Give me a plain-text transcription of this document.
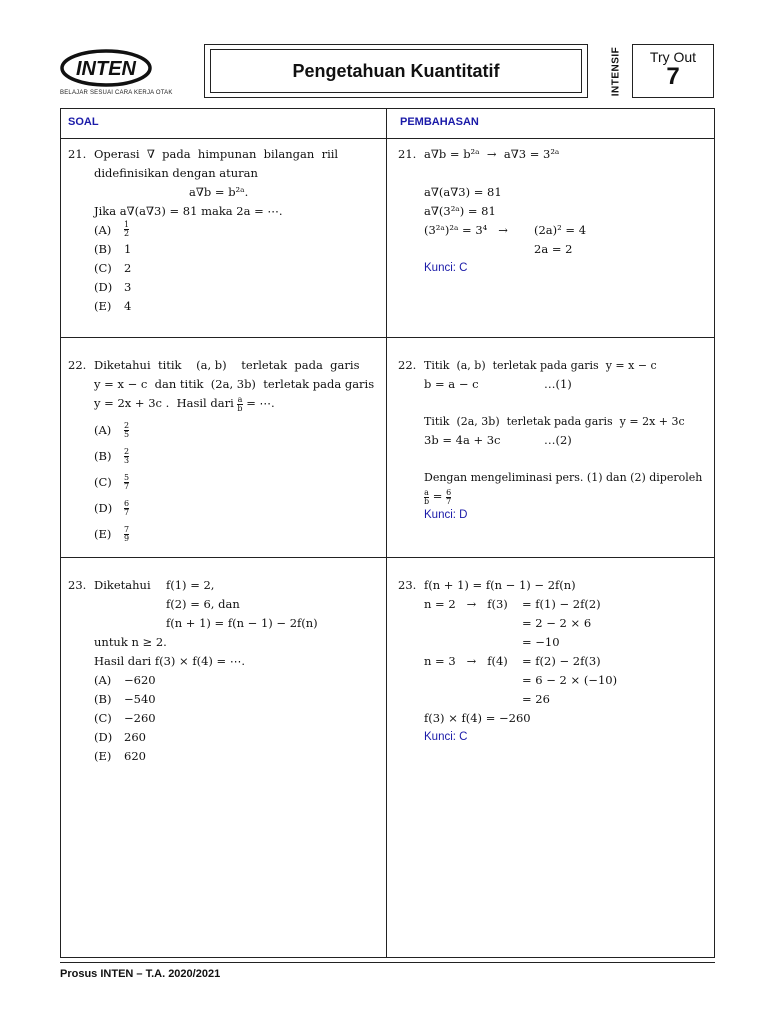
INTEN
BELAJAR SESUAI CARA KERJA OTAK
Pengetahuan Kuantitatif	INTENSIF	Try Out
7
SOAL	PEMBAHASAN
21. Operasi  ∇  pada  himpunan  bilangan  riil
didefinisikan dengan aturan
a∇b = b²ᵃ.
Jika a∇(a∇3) = 81 maka 2a = ⋯.
(A)	$\frac{1}{2}$
(B)	1
(C)	2
(D)	3
(E)	4
21. a∇b = b²ᵃ  →  a∇3 = 3²ᵃ
a∇(a∇3) = 81
a∇(3²ᵃ) = 81
(3²ᵃ)²ᵃ = 3⁴   →	(2a)² = 4
2a = 2
Kunci: C
22. Diketahui  titik    (a, b)    terletak  pada  garis
y = x − c  dan titik  (2a, 3b)  terletak pada garis
y = 2x + 3c .  Hasil dari $\frac{a}{b}$ = ⋯.
(A)	$\frac{2}{5}$
(B)	$\frac{2}{3}$
(C)	$\frac{5}{7}$
(D)	$\frac{6}{7}$
(E)	$\frac{7}{9}$
22. Titik  (a, b)  terletak pada garis  y = x − c
b = a − c	…(1)
Titik  (2a, 3b)  terletak pada garis  y = 2x + 3c
3b = 4a + 3c	…(2)
Dengan mengeliminasi pers. (1) dan (2) diperoleh
$\frac{a}{b} = \frac{6}{7}$
Kunci: D
23. Diketahui	f(1) = 2,
f(2) = 6, dan
f(n + 1) = f(n − 1) − 2f(n)
untuk n ≥ 2.
Hasil dari f(3) × f(4) = ⋯.
(A)	−620
(B)	−540
(C)	−260
(D)	260
(E)	620
23. f(n + 1) = f(n − 1) − 2f(n)
n = 2   →   f(3)	= f(1) − 2f(2)
= 2 − 2 × 6
= −10
n = 3   →   f(4)	= f(2) − 2f(3)
= 6 − 2 × (−10)
= 26
f(3) × f(4) = −260
Kunci: C
Prosus INTEN – T.A. 2020/2021
